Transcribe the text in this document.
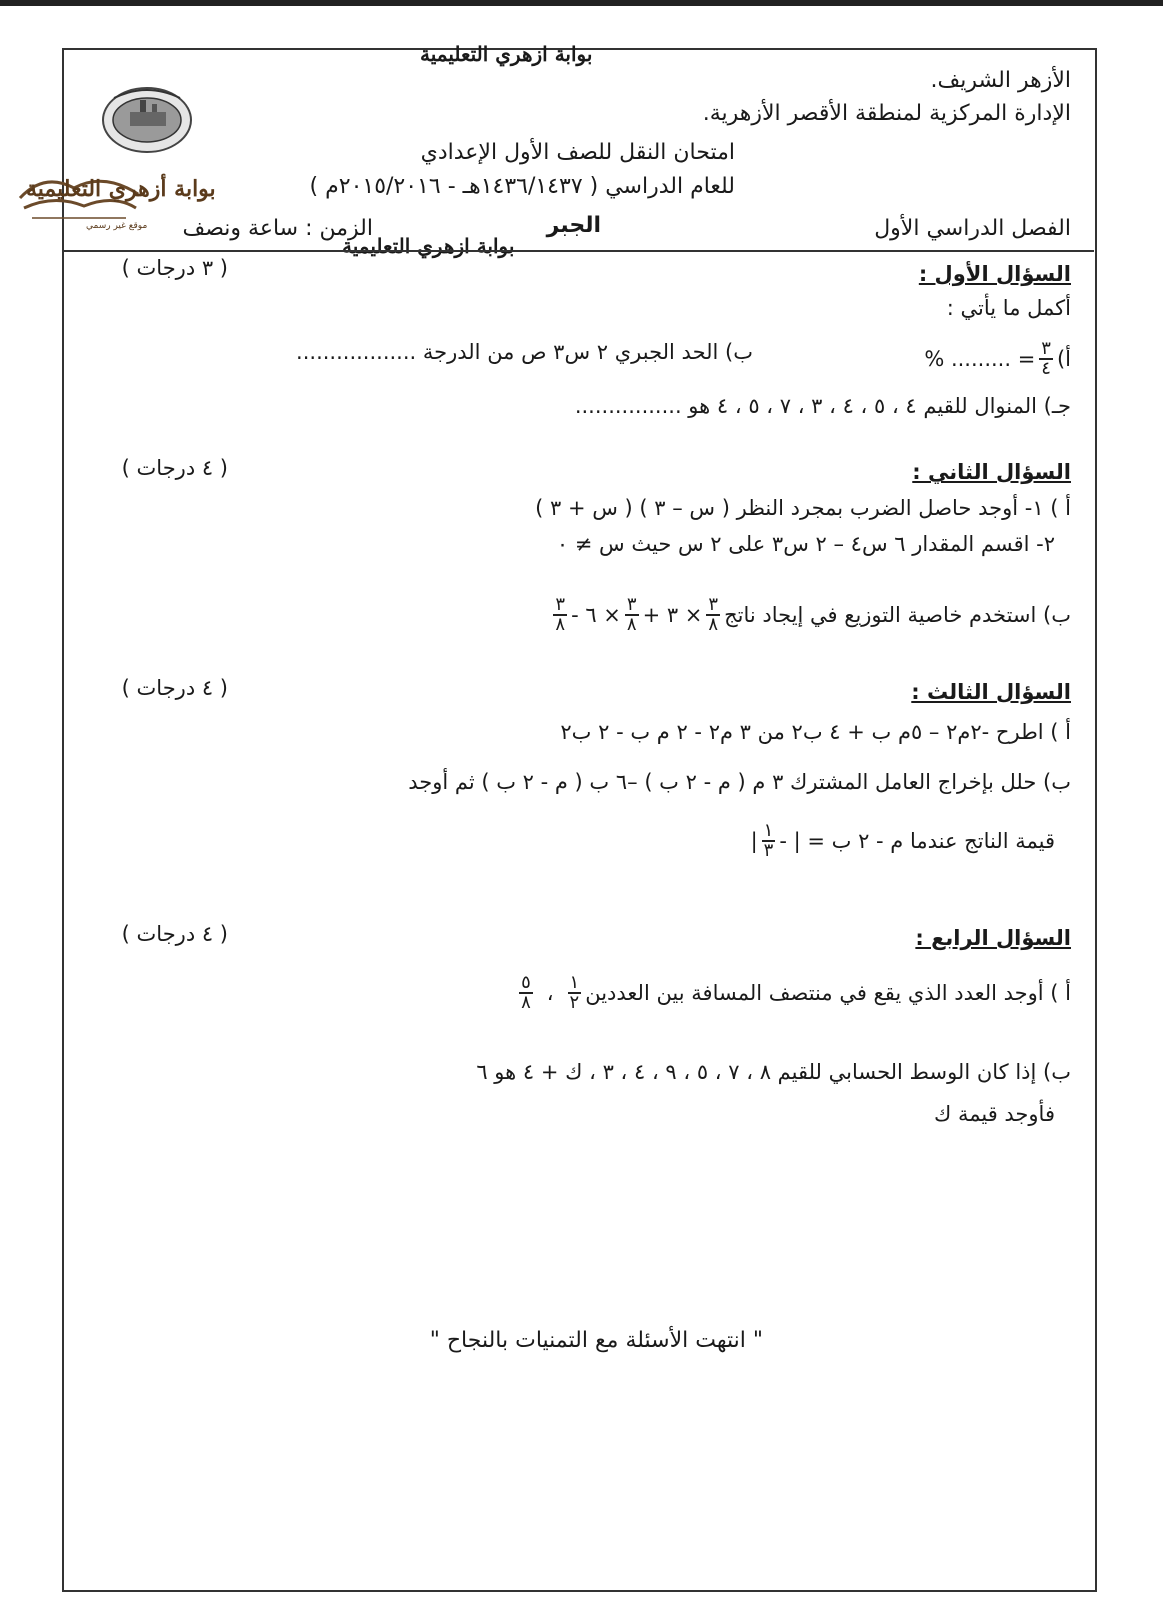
بوابة ازهري التعليمية
بوابة أزهري التعليمية
موقع غير رسمي
الأزهر الشريف.
الإدارة المركزية لمنطقة الأقصر الأزهرية.
امتحان النقل للصف الأول الإعدادي
للعام الدراسي ( ١٤٣٦/١٤٣٧هـ - ٢٠١٥/٢٠١٦م )
الفصل الدراسي الأول
الجبر
الزمن : ساعة ونصف
بوابة ازهري التعليمية
السؤال الأول :
( ٣ درجات )
أكمل ما يأتي :
أ)
$\frac{٣}{٤}$
= ......... %
ب) الحد الجبري ٢ س٣ ص من الدرجة ..................
جـ) المنوال للقيم ٤ ، ٥ ، ٤ ، ٣ ، ٧ ، ٥ ، ٤ هو ................
السؤال الثاني :
( ٤ درجات )
أ ) ١- أوجد حاصل الضرب بمجرد النظر ( س – ٣ ) ( س + ٣ )
٢- اقسم المقدار ٦ س٤ – ٢ س٣ على ٢ س حيث س ≠ ٠
ب) استخدم خاصية التوزيع في إيجاد ناتج
$\frac{٣}{٨}$
× ٣ +
$\frac{٣}{٨}$
× ٦ -
$\frac{٣}{٨}$
السؤال الثالث :
( ٤ درجات )
أ ) اطرح -٢م٢ – ٥م ب + ٤ ب٢ من ٣ م٢ - ٢ م ب - ٢ ب٢
ب) حلل بإخراج العامل المشترك ٣ م ( م - ٢ ب ) –٦ ب ( م - ٢ ب ) ثم أوجد
قيمة الناتج عندما م - ٢ ب = | -
$\frac{١}{٣}$
|
السؤال الرابع :
( ٤ درجات )
أ ) أوجد العدد الذي يقع في منتصف المسافة بين العددين
$\frac{١}{٢}$
،
$\frac{٥}{٨}$
ب) إذا كان الوسط الحسابي للقيم ٨ ، ٧ ، ٥ ، ٩ ، ٤ ، ٣ ، ك + ٤ هو ٦
فأوجد قيمة ك
" انتهت الأسئلة مع التمنيات بالنجاح "
